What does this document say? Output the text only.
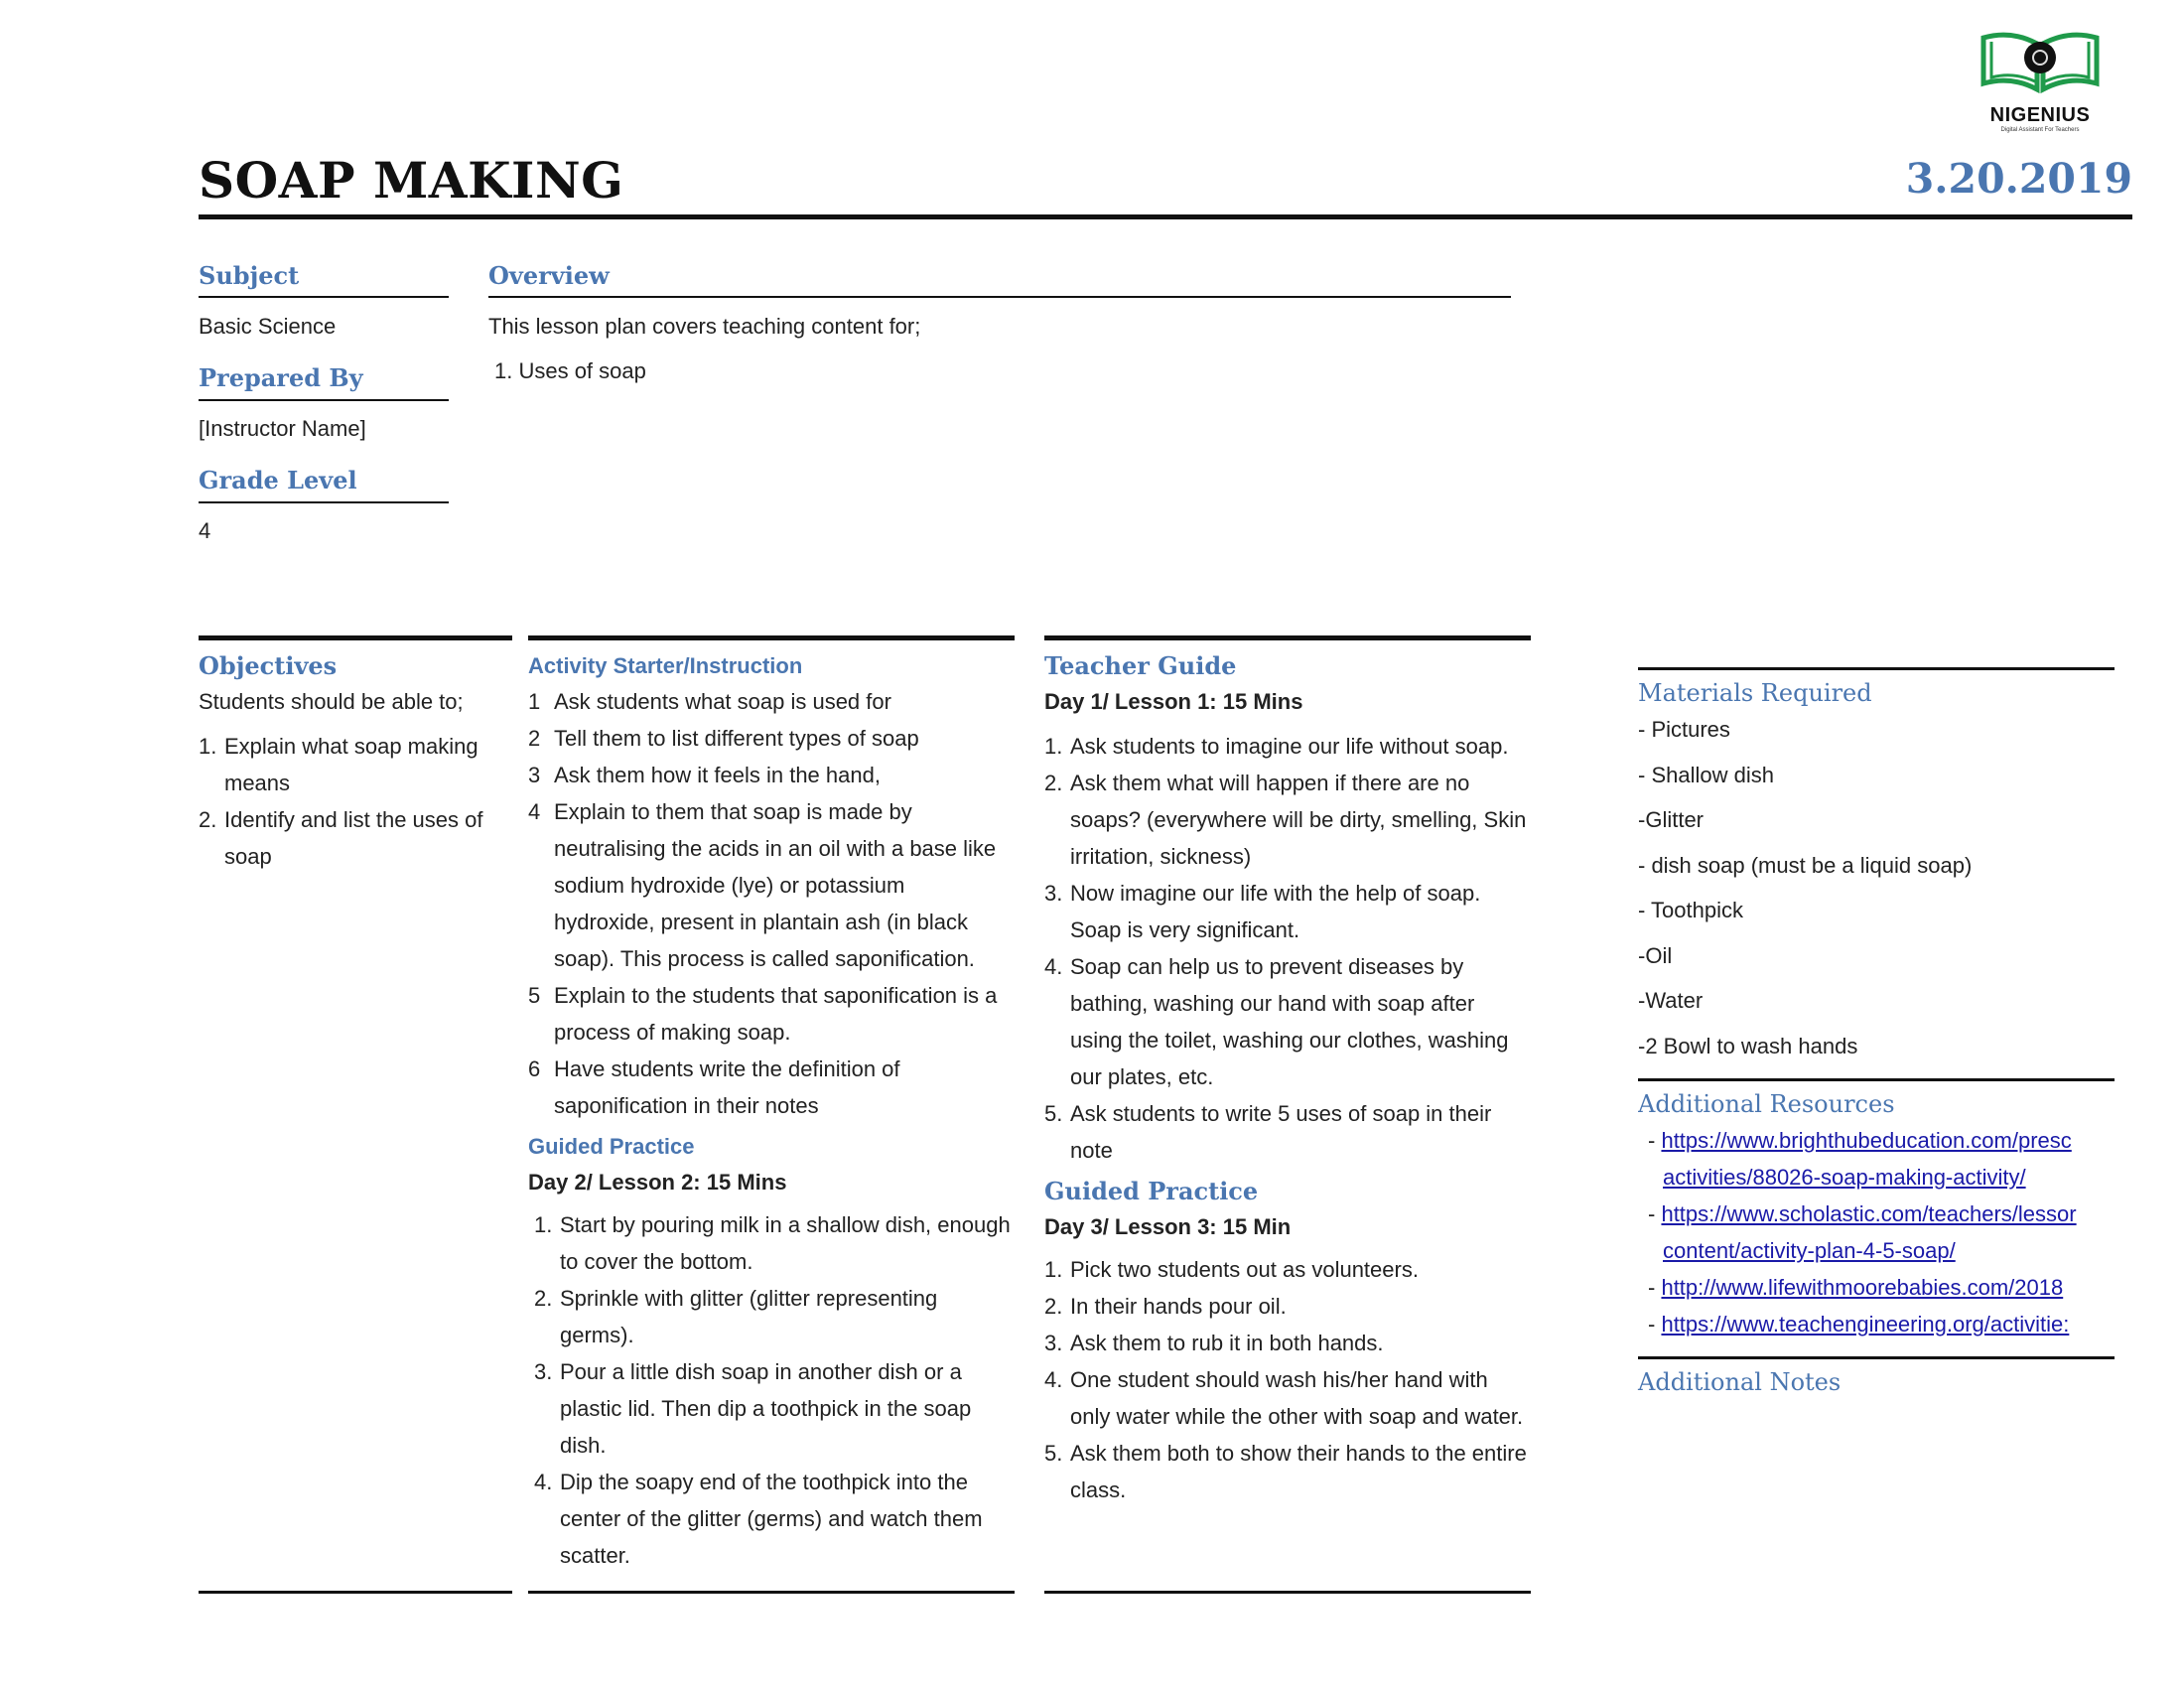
NIGENIUS
Digital Assistant For Teachers
SOAP MAKING	3.20.2019
Subject
Basic Science
Prepared By
[Instructor Name]
Grade Level
4
Overview
This lesson plan covers teaching content for;
1. Uses of soap
Objectives
Students should be able to;
1. Explain what soap making means
2. Identify and list the uses of soap
Activity Starter/Instruction
1 Ask students what soap is used for
2 Tell them to list different types of soap
3 Ask them how it feels in the hand,
4 Explain to them that soap is made by neutralising the acids in an oil with a base like sodium hydroxide (lye) or potassium hydroxide, present in plantain ash (in black soap). This process is called saponification.
5 Explain to the students that saponification is a process of making soap.
6 Have students write the definition of saponification in their notes
Guided Practice
Day 2/ Lesson 2: 15 Mins
1. Start by pouring milk in a shallow dish, enough to cover the bottom.
2. Sprinkle with glitter (glitter representing germs).
3. Pour a little dish soap in another dish or a plastic lid. Then dip a toothpick in the soap dish.
4. Dip the soapy end of the toothpick into the center of the glitter (germs) and watch them scatter.
Teacher Guide
Day 1/ Lesson 1: 15 Mins
1. Ask students to imagine our life without soap.
2. Ask them what will happen if there are no soaps? (everywhere will be dirty, smelling, Skin irritation, sickness)
3. Now imagine our life with the help of soap. Soap is very significant.
4. Soap can help us to prevent diseases by bathing, washing our hand with soap after using the toilet, washing our clothes, washing our plates, etc.
5. Ask students to write 5 uses of soap in their note
Guided Practice
Day 3/ Lesson 3: 15 Min
1. Pick two students out as volunteers.
2. In their hands pour oil.
3. Ask them to rub it in both hands.
4. One student should wash his/her hand with only water while the other with soap and water.
5. Ask them both to show their hands to the entire class.
Materials Required
- Pictures
- Shallow dish
-Glitter
- dish soap (must be a liquid soap)
- Toothpick
-Oil
-Water
-2 Bowl to wash hands
Additional Resources
- https://www.brighthubeducation.com/presc
activities/88026-soap-making-activity/
- https://www.scholastic.com/teachers/lessor
content/activity-plan-4-5-soap/
- http://www.lifewithmoorebabies.com/2018
- https://www.teachengineering.org/activitie:
Additional Notes
